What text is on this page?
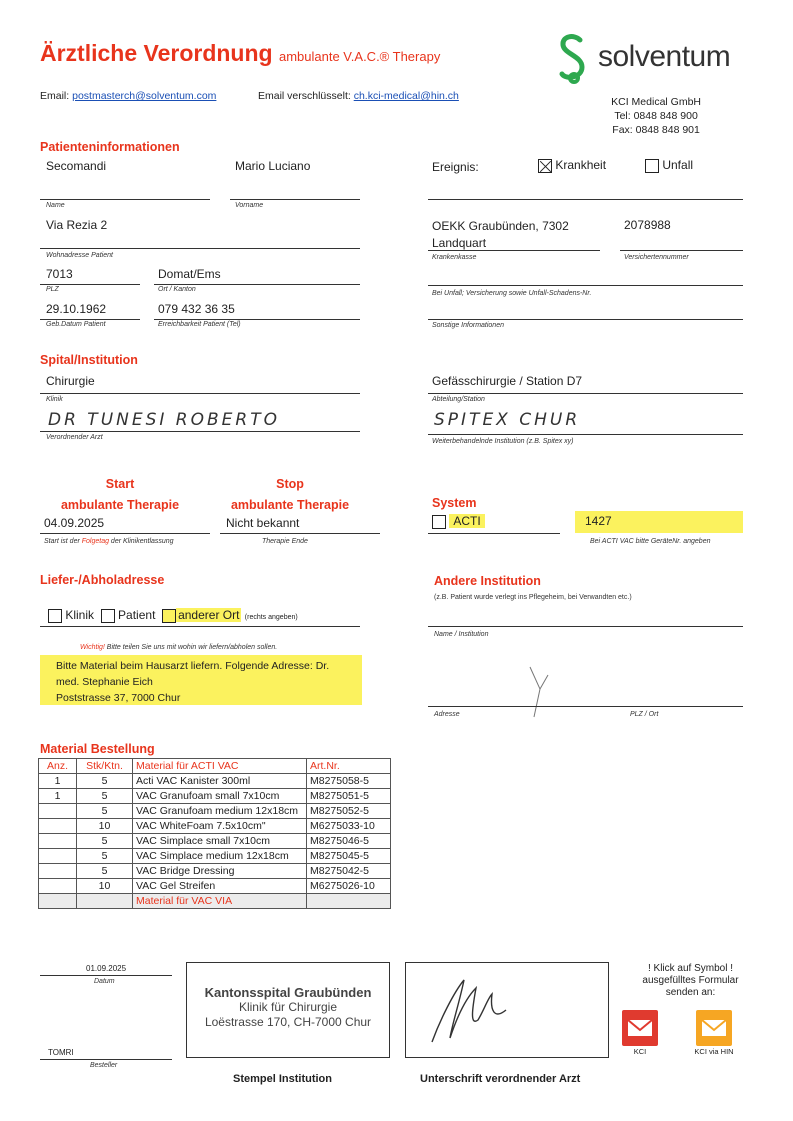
Ärztliche Verordnung ambulante V.A.C.® Therapy	solventum
Email: postmasterch@solventum.com	Email verschlüsselt: ch.kci-medical@hin.ch	KCI Medical GmbH
Tel: 0848 848 900
Fax: 0848 848 901
Patienteninformationen
Secomandi
Name
Mario Luciano
Vorname
Ereignis:	Krankheit	Unfall
Via Rezia 2
Wohnadresse Patient
OEKK Graubünden, 7302
Landquart
Krankenkasse
2078988
Versichertennummer
7013
PLZ
Domat/Ems
Ort / Kanton
Bei Unfall; Versicherung sowie Unfall-Schadens-Nr.
29.10.1962
Geb.Datum Patient
079 432 36 35
Erreichbarkeit Patient (Tel)	Sonstige Informationen
Spital/Institution
Chirurgie
Klinik
DR TUNESI ROBERTO
Verordnender Arzt
Gefässchirurgie / Station D7
Abteilung/Station
SPITEX CHUR
Weiterbehandelnde Institution (z.B. Spitex xy)
Start
ambulante Therapie
Stop
ambulante Therapie
04.09.2025
Start ist der Folgetag der Klinikentlassung
Nicht bekannt
Therapie Ende
System
ACTI	1427
Bei ACTI VAC bitte GeräteNr. angeben
Liefer-/Abholadresse
Klinik Patient anderer Ort (rechts angeben)
Wichtig! Bitte teilen Sie uns mit wohin wir liefern/abholen sollen.
Bitte Material beim Hausarzt liefern. Folgende Adresse: Dr.
med. Stephanie Eich
Poststrasse 37, 7000 Chur
Andere Institution
(z.B. Patient wurde verlegt ins Pflegeheim, bei Verwandten etc.)
Name / Institution
Adresse	PLZ / Ort
Material Bestellung
Anz.	Stk/Ktn.	Material für ACTI VAC	Art.Nr.
1	5	Acti VAC Kanister 300ml	M8275058-5
1	5	VAC Granufoam small 7x10cm	M8275051-5
	5	VAC Granufoam medium 12x18cm	M8275052-5
	10	VAC WhiteFoam 7.5x10cm"	M6275033-10
	5	VAC Simplace small 7x10cm	M8275046-5
	5	VAC Simplace medium 12x18cm	M8275045-5
	5	VAC Bridge Dressing	M8275042-5
	10	VAC Gel Streifen	M6275026-10
		Material für VAC VIA	
01.09.2025
Datum
TOMRI
Besteller
Kantonsspital Graubünden
Klinik für Chirurgie
Loëstrasse 170, CH-7000 Chur
Stempel Institution	Unterschrift verordnender Arzt
! Klick auf Symbol !
ausgefülltes Formular
senden an:
KCI	KCI via HIN
